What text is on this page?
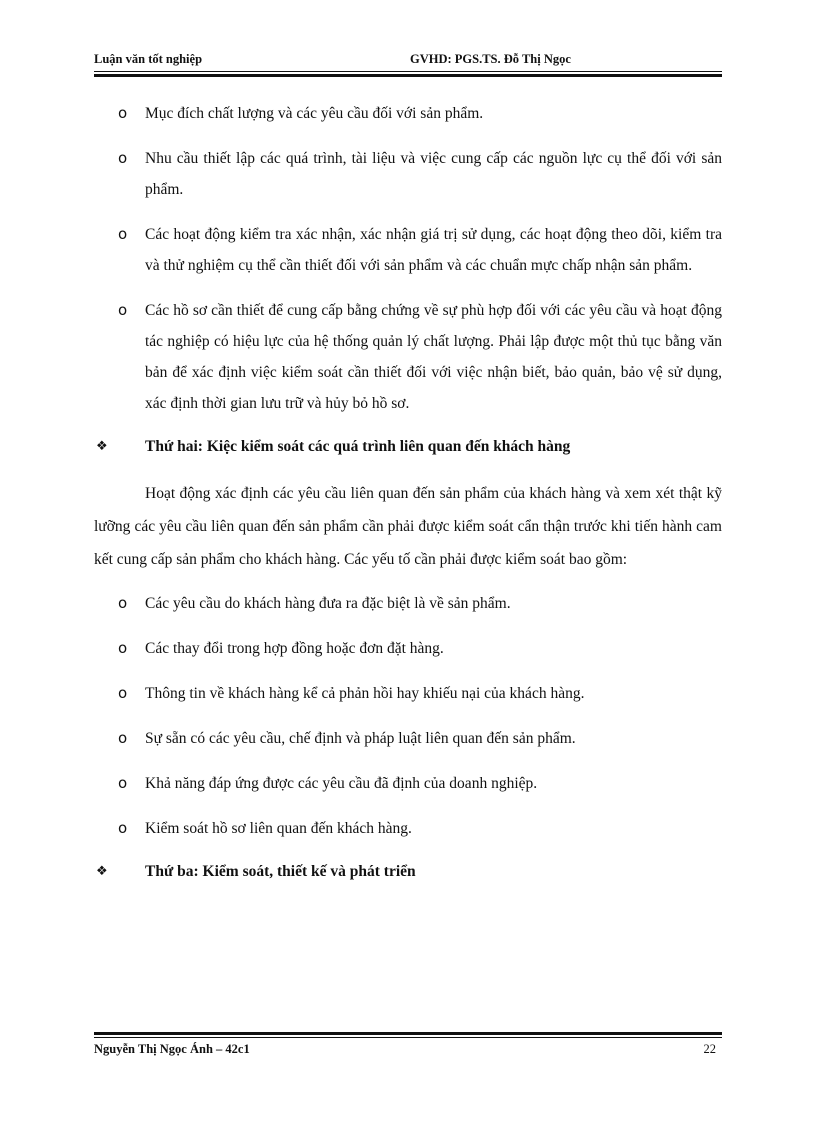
Luận văn tốt nghiệp	GVHD: PGS.TS. Đỗ Thị Ngọc
o Mục đích chất lượng và các yêu cầu đối với sản phẩm.
o Nhu cầu thiết lập các quá trình, tài liệu và việc cung cấp các nguồn lực cụ thể đối với sản phẩm.
o Các hoạt động kiểm tra xác nhận, xác nhận giá trị sử dụng, các hoạt động theo dõi, kiểm tra và thử nghiệm cụ thể cần thiết đối với sản phẩm và các chuẩn mực chấp nhận sản phẩm.
o Các hồ sơ cần thiết để cung cấp bằng chứng về sự phù hợp đối với các yêu cầu và hoạt động tác nghiệp có hiệu lực của hệ thống quản lý chất lượng. Phải lập được một thủ tục bằng văn bản để xác định việc kiểm soát cần thiết đối với việc nhận biết, bảo quản, bảo vệ sử dụng, xác định thời gian lưu trữ và hủy bỏ hồ sơ.
❖ Thứ hai: Kiệc kiểm soát các quá trình liên quan đến khách hàng

Hoạt động xác định các yêu cầu liên quan đến sản phẩm của khách hàng và xem xét thật kỹ lưỡng các yêu cầu liên quan đến sản phẩm cần phải được kiểm soát cẩn thận trước khi tiến hành cam kết cung cấp sản phẩm cho khách hàng. Các yếu tố cần phải được kiểm soát bao gồm:

o Các yêu cầu do khách hàng đưa ra đặc biệt là về sản phẩm.
o Các thay đổi trong hợp đồng hoặc đơn đặt hàng.
o Thông tin về khách hàng kể cả phản hồi hay khiếu nại của khách hàng.
o Sự sẵn có các yêu cầu, chế định và pháp luật liên quan đến sản phẩm.
o Khả năng đáp ứng được các yêu cầu đã định của doanh nghiệp.
o Kiểm soát hồ sơ liên quan đến khách hàng.
❖ Thứ ba: Kiểm soát, thiết kế và phát triển
Nguyễn Thị Ngọc Ánh – 42c1	22
